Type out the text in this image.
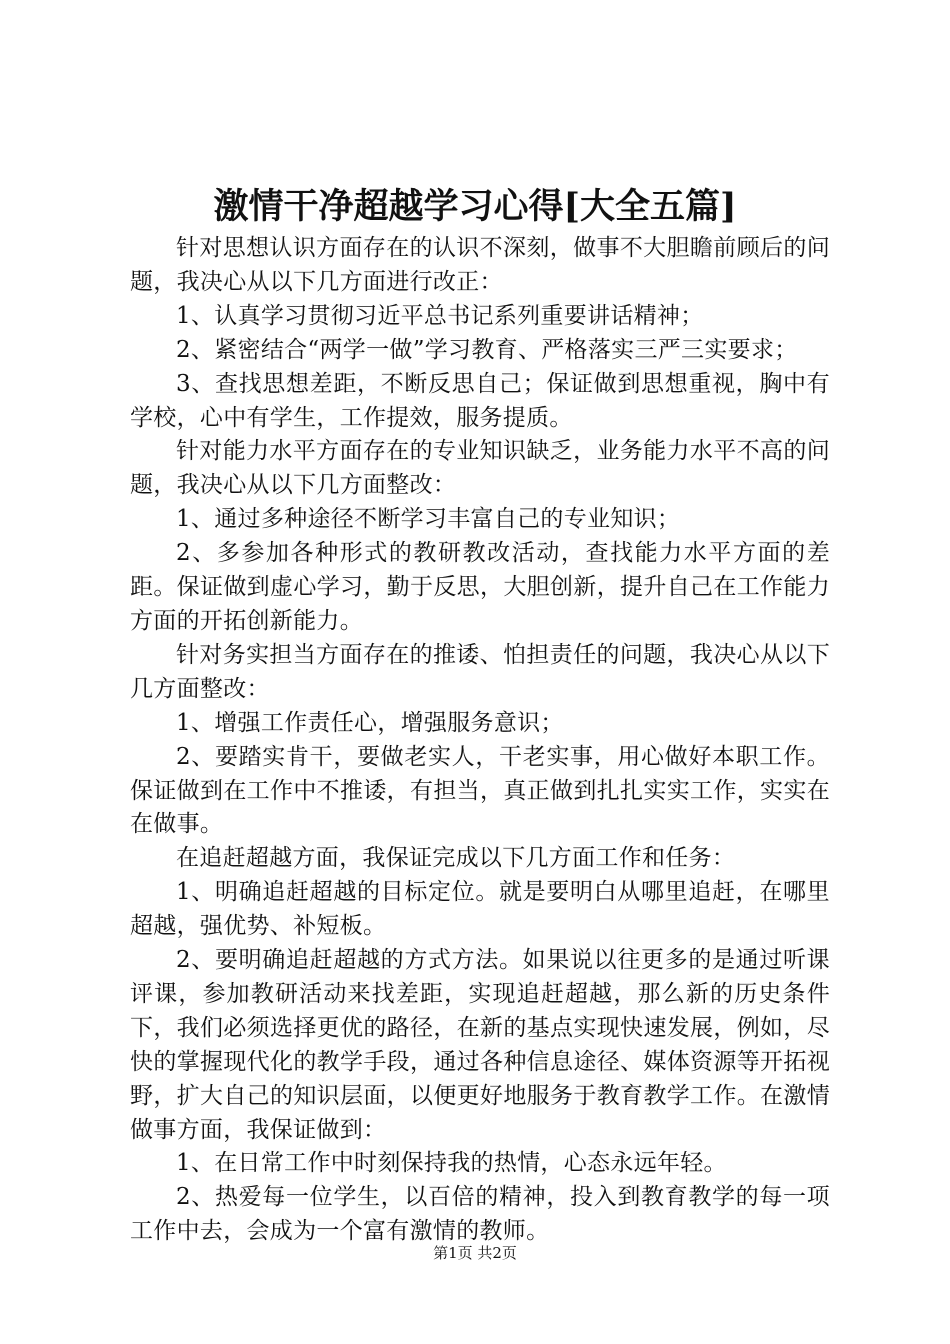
激情干净超越学习心得[大全五篇]

针对思想认识方面存在的认识不深刻，做事不大胆瞻前顾后的问题，我决心从以下几方面进行改正：

1、认真学习贯彻习近平总书记系列重要讲话精神；

2、紧密结合“两学一做”学习教育、严格落实三严三实要求；

3、查找思想差距，不断反思自己；保证做到思想重视，胸中有学校，心中有学生，工作提效，服务提质。

针对能力水平方面存在的专业知识缺乏，业务能力水平不高的问题，我决心从以下几方面整改：

1、通过多种途径不断学习丰富自己的专业知识；

2、多参加各种形式的教研教改活动，查找能力水平方面的差距。保证做到虚心学习，勤于反思，大胆创新，提升自己在工作能力方面的开拓创新能力。

针对务实担当方面存在的推诿、怕担责任的问题，我决心从以下几方面整改：

1、增强工作责任心，增强服务意识；

2、要踏实肯干，要做老实人，干老实事，用心做好本职工作。保证做到在工作中不推诿，有担当，真正做到扎扎实实工作，实实在在做事。

在追赶超越方面，我保证完成以下几方面工作和任务：

1、明确追赶超越的目标定位。就是要明白从哪里追赶，在哪里超越，强优势、补短板。

2、要明确追赶超越的方式方法。如果说以往更多的是通过听课评课，参加教研活动来找差距，实现追赶超越，那么新的历史条件下，我们必须选择更优的路径，在新的基点实现快速发展，例如，尽快的掌握现代化的教学手段，通过各种信息途径、媒体资源等开拓视野，扩大自己的知识层面，以便更好地服务于教育教学工作。在激情做事方面，我保证做到：

1、在日常工作中时刻保持我的热情，心态永远年轻。

2、热爱每一位学生，以百倍的精神，投入到教育教学的每一项工作中去，会成为一个富有激情的教师。

第1页 共2页
